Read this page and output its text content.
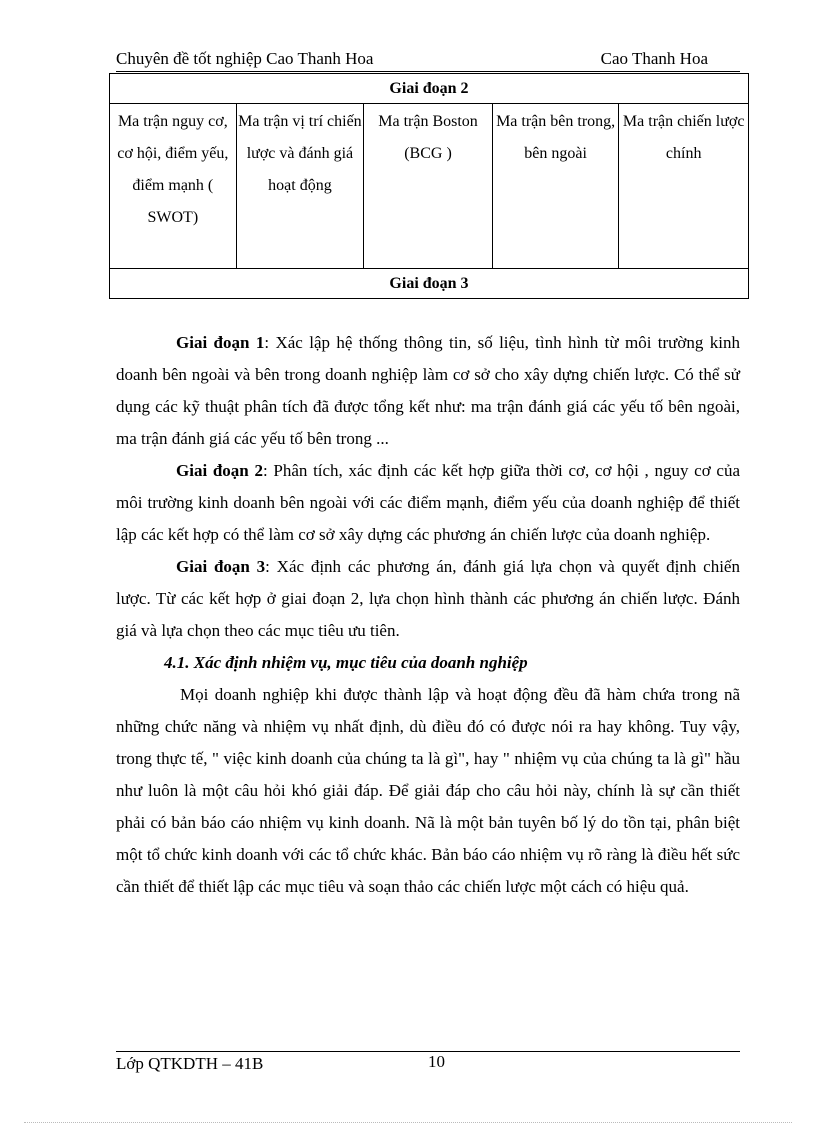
Chuyên đề tốt nghiệp Cao Thanh Hoa	Cao Thanh Hoa
Giai đoạn 2
Ma trận nguy cơ, cơ hội, điểm yếu, điểm mạnh ( SWOT)	Ma trận vị trí chiến lược và đánh giá hoạt động	Ma trận Boston (BCG )	Ma trận bên trong, bên ngoài	Ma trận chiến lược chính
Giai đoạn 3

Giai đoạn 1: Xác lập hệ thống thông tin, số liệu, tình hình từ môi trường kinh doanh bên ngoài và bên trong doanh nghiệp làm cơ sở cho xây dựng chiến lược. Có thể sử dụng các kỹ thuật phân tích đã được tổng kết như: ma trận đánh giá các yếu tố bên ngoài, ma trận đánh giá các yếu tố bên trong ...

Giai đoạn 2: Phân tích, xác định các kết hợp giữa thời cơ, cơ hội , nguy cơ của môi trường kinh doanh bên ngoài với các điểm mạnh, điểm yếu của doanh nghiệp để thiết lập các kết hợp có thể làm cơ sở xây dựng các phương án chiến lược của doanh nghiệp.

Giai đoạn 3: Xác định các phương án, đánh giá lựa chọn và quyết định chiến lược. Từ các kết hợp ở giai đoạn 2, lựa chọn hình thành các phương án chiến lược. Đánh giá và lựa chọn theo các mục tiêu ưu tiên.

4.1. Xác định nhiệm vụ, mục tiêu của doanh nghiệp

Mọi doanh nghiệp khi được thành lập và hoạt động đều đã hàm chứa trong nã những chức năng và nhiệm vụ nhất định, dù điều đó có được nói ra hay không. Tuy vậy, trong thực tế, " việc kinh doanh của chúng ta là gì", hay " nhiệm vụ của chúng ta là gì" hầu như luôn là một câu hỏi khó giải đáp. Để giải đáp cho câu hỏi này, chính là sự cần thiết phải có bản báo cáo nhiệm vụ kinh doanh. Nã là một bản tuyên bố lý do tồn tại, phân biệt một tổ chức kinh doanh với các tổ chức khác. Bản báo cáo nhiệm vụ rõ ràng là điều hết sức cần thiết để thiết lập các mục tiêu và soạn thảo các chiến lược một cách có hiệu quả.

Lớp QTKDTH – 41B	10
